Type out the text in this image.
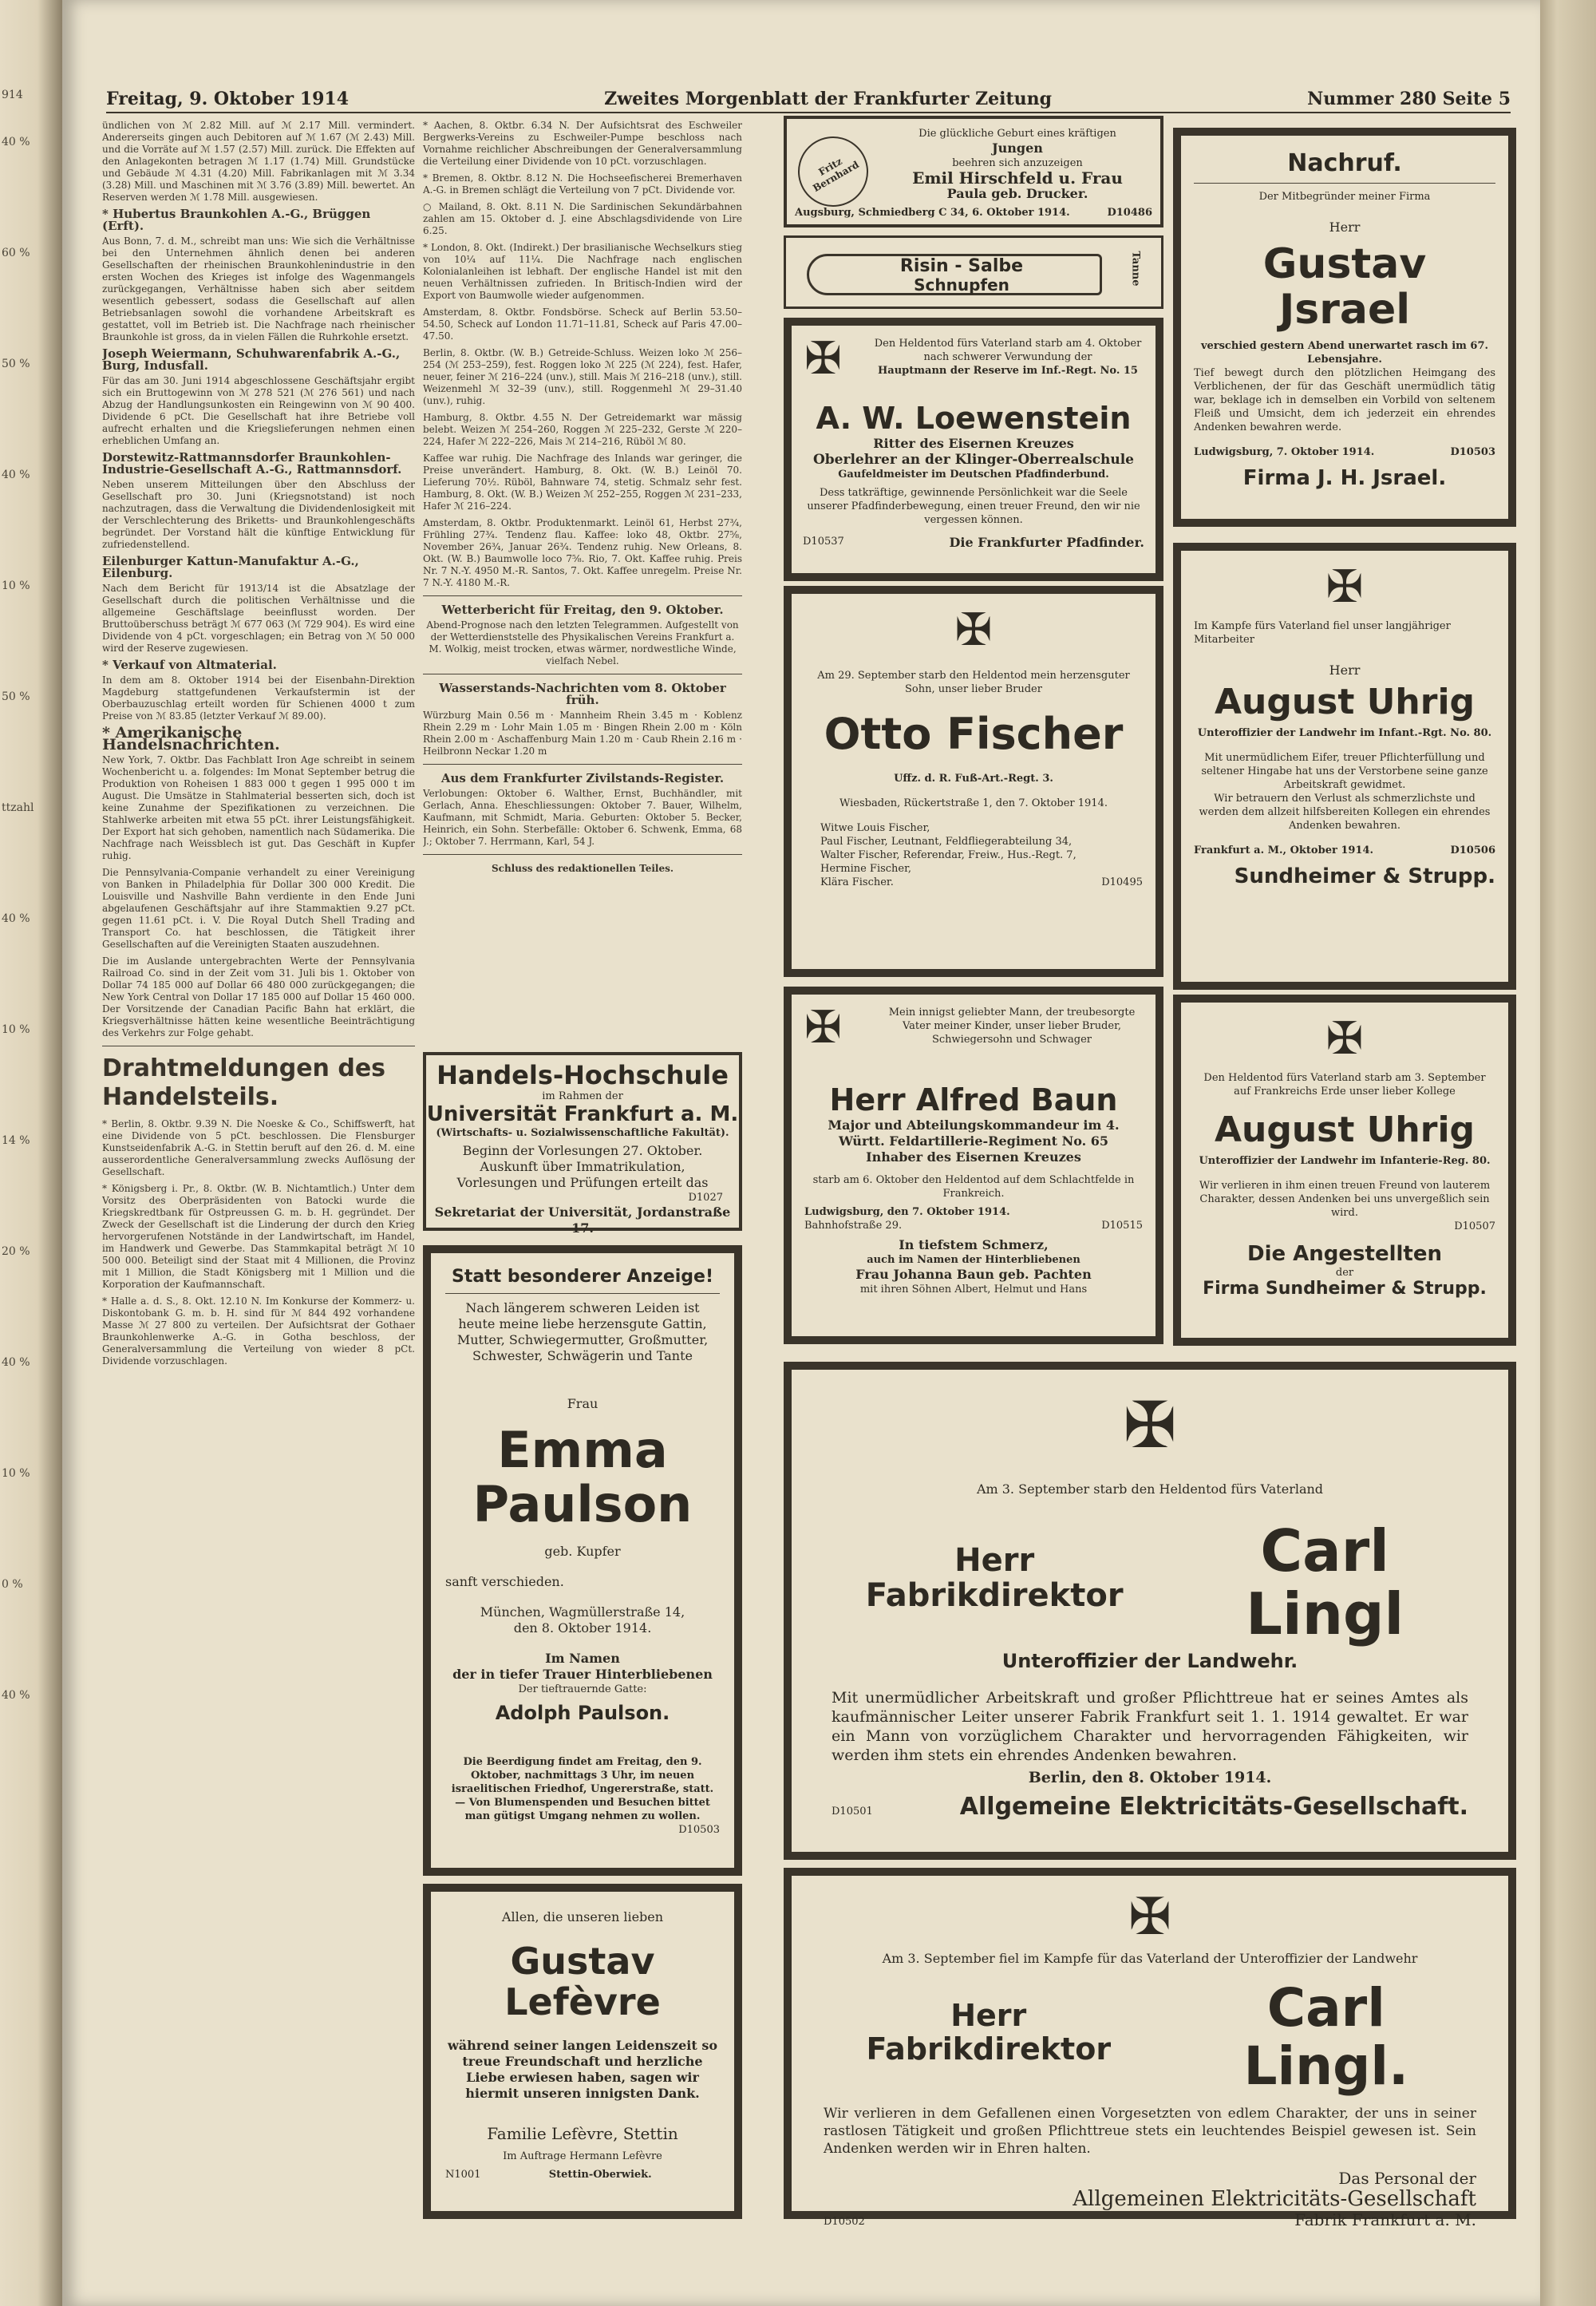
914
40 %
60 %
50 %
40 %
10 %
50 %
ttzahl
40 %
10 %
14 %
20 %
40 %
10 %
0 %
40 %
Freitag, 9. Oktober 1914	Zweites Morgenblatt der Frankfurter Zeitung	Nummer 280 Seite 5

ündlichen von ℳ 2.82 Mill. auf ℳ 2.17 Mill. vermindert. Andererseits gingen auch Debitoren auf ℳ 1.67 (ℳ 2.43) Mill. und die Vorräte auf ℳ 1.57 (2.57) Mill. zurück. Die Effekten auf den Anlagekonten betragen ℳ 1.17 (1.74) Mill. Grundstücke und Gebäude ℳ 4.31 (4.20) Mill. Fabrikanlagen mit ℳ 3.34 (3.28) Mill. und Maschinen mit ℳ 3.76 (3.89) Mill. bewertet. An Reserven werden ℳ 1.78 Mill. ausgewiesen.

* Hubertus Braunkohlen A.-G., Brüggen (Erft).

Aus Bonn, 7. d. M., schreibt man uns: Wie sich die Verhältnisse bei den Unternehmen ähnlich denen bei anderen Gesellschaften der rheinischen Braunkohlenindustrie in den ersten Wochen des Krieges ist infolge des Wagenmangels zurückgegangen, Verhältnisse haben sich aber seitdem wesentlich gebessert, sodass die Gesellschaft auf allen Betriebsanlagen sowohl die vorhandene Arbeitskraft es gestattet, voll im Betrieb ist. Die Nachfrage nach rheinischer Braunkohle ist gross, da in vielen Fällen die Ruhrkohle ersetzt.

Joseph Weiermann, Schuhwarenfabrik A.-G., Burg, Indusfall.

Für das am 30. Juni 1914 abgeschlossene Geschäftsjahr ergibt sich ein Bruttogewinn von ℳ 278 521 (ℳ 276 561) und nach Abzug der Handlungsunkosten ein Reingewinn von ℳ 90 400. Dividende 6 pCt. Die Gesellschaft hat ihre Betriebe voll aufrecht erhalten und die Kriegslieferungen nehmen einen erheblichen Umfang an.

Dorstewitz-Rattmannsdorfer Braunkohlen-Industrie-Gesellschaft A.-G., Rattmannsdorf.

Neben unserem Mitteilungen über den Abschluss der Gesellschaft pro 30. Juni (Kriegsnotstand) ist noch nachzutragen, dass die Verwaltung die Dividendenlosigkeit mit der Verschlechterung des Briketts- und Braunkohlengeschäfts begründet. Der Vorstand hält die künftige Entwicklung für zufriedenstellend.

Eilenburger Kattun-Manufaktur A.-G., Eilenburg.

Nach dem Bericht für 1913/14 ist die Absatzlage der Gesellschaft durch die politischen Verhältnisse und die allgemeine Geschäftslage beeinflusst worden. Der Bruttoüberschuss beträgt ℳ 677 063 (ℳ 729 904). Es wird eine Dividende von 4 pCt. vorgeschlagen; ein Betrag von ℳ 50 000 wird der Reserve zugewiesen.

* Verkauf von Altmaterial.

In dem am 8. Oktober 1914 bei der Eisenbahn-Direktion Magdeburg stattgefundenen Verkaufstermin ist der Oberbauzuschlag erteilt worden für Schienen 4000 t zum Preise von ℳ 83.85 (letzter Verkauf ℳ 89.00).

* Amerikanische Handelsnachrichten.

New York, 7. Oktbr. Das Fachblatt Iron Age schreibt in seinem Wochenbericht u. a. folgendes: Im Monat September betrug die Produktion von Roheisen 1 883 000 t gegen 1 995 000 t im August. Die Umsätze in Stahlmaterial besserten sich, doch ist keine Zunahme der Spezifikationen zu verzeichnen. Die Stahlwerke arbeiten mit etwa 55 pCt. ihrer Leistungsfähigkeit. Der Export hat sich gehoben, namentlich nach Südamerika. Die Nachfrage nach Weissblech ist gut. Das Geschäft in Kupfer ruhig.

Die Pennsylvania-Companie verhandelt zu einer Vereinigung von Banken in Philadelphia für Dollar 300 000 Kredit. Die Louisville und Nashville Bahn verdiente in den Ende Juni abgelaufenen Geschäftsjahr auf ihre Stammaktien 9.27 pCt. gegen 11.61 pCt. i. V. Die Royal Dutch Shell Trading and Transport Co. hat beschlossen, die Tätigkeit ihrer Gesellschaften auf die Vereinigten Staaten auszudehnen.

Die im Auslande untergebrachten Werte der Pennsylvania Railroad Co. sind in der Zeit vom 31. Juli bis 1. Oktober von Dollar 74 185 000 auf Dollar 66 480 000 zurückgegangen; die New York Central von Dollar 17 185 000 auf Dollar 15 460 000. Der Vorsitzende der Canadian Pacific Bahn hat erklärt, die Kriegsverhältnisse hätten keine wesentliche Beeinträchtigung des Verkehrs zur Folge gehabt.

Drahtmeldungen des Handelsteils.

* Berlin, 8. Oktbr. 9.39 N. Die Noeske & Co., Schiffswerft, hat eine Dividende von 5 pCt. beschlossen. Die Flensburger Kunstseidenfabrik A.-G. in Stettin beruft auf den 26. d. M. eine ausserordentliche Generalversammlung zwecks Auflösung der Gesellschaft.

* Königsberg i. Pr., 8. Oktbr. (W. B. Nichtamtlich.) Unter dem Vorsitz des Oberpräsidenten von Batocki wurde die Kriegskredtbank für Ostpreussen G. m. b. H. gegründet. Der Zweck der Gesellschaft ist die Linderung der durch den Krieg hervorgerufenen Notstände in der Landwirtschaft, im Handel, im Handwerk und Gewerbe. Das Stammkapital beträgt ℳ 10 500 000. Beteiligt sind der Staat mit 4 Millionen, die Provinz mit 1 Million, die Stadt Königsberg mit 1 Million und die Korporation der Kaufmannschaft.

* Halle a. d. S., 8. Okt. 12.10 N. Im Konkurse der Kommerz- u. Diskontobank G. m. b. H. sind für ℳ 844 492 vorhandene Masse ℳ 27 800 zu verteilen. Der Aufsichtsrat der Gothaer Braunkohlenwerke A.-G. in Gotha beschloss, der Generalversammlung die Verteilung von wieder 8 pCt. Dividende vorzuschlagen.

* Aachen, 8. Oktbr. 6.34 N. Der Aufsichtsrat des Eschweiler Bergwerks-Vereins zu Eschweiler-Pumpe beschloss nach Vornahme reichlicher Abschreibungen der Generalversammlung die Verteilung einer Dividende von 10 pCt. vorzuschlagen.

* Bremen, 8. Oktbr. 8.12 N. Die Hochseefischerei Bremerhaven A.-G. in Bremen schlägt die Verteilung von 7 pCt. Dividende vor.

○ Mailand, 8. Okt. 8.11 N. Die Sardinischen Sekundärbahnen zahlen am 15. Oktober d. J. eine Abschlagsdividende von Lire 6.25.

* London, 8. Okt. (Indirekt.) Der brasilianische Wechselkurs stieg von 10¼ auf 11¼. Die Nachfrage nach englischen Kolonialanleihen ist lebhaft. Der englische Handel ist mit den neuen Verhältnissen zufrieden. In Britisch-Indien wird der Export von Baumwolle wieder aufgenommen.

Amsterdam, 8. Oktbr. Fondsbörse. Scheck auf Berlin 53.50–54.50, Scheck auf London 11.71–11.81, Scheck auf Paris 47.00–47.50.

Berlin, 8. Oktbr. (W. B.) Getreide-Schluss. Weizen loko ℳ 256–254 (ℳ 253–259), fest. Roggen loko ℳ 225 (ℳ 224), fest. Hafer, neuer, feiner ℳ 216–224 (unv.), still. Mais ℳ 216–218 (unv.), still. Weizenmehl ℳ 32–39 (unv.), still. Roggenmehl ℳ 29–31.40 (unv.), ruhig.

Hamburg, 8. Oktbr. 4.55 N. Der Getreidemarkt war mässig belebt. Weizen ℳ 254–260, Roggen ℳ 225–232, Gerste ℳ 220–224, Hafer ℳ 222–226, Mais ℳ 214–216, Rüböl ℳ 80.

Kaffee war ruhig. Die Nachfrage des Inlands war geringer, die Preise unverändert. Hamburg, 8. Okt. (W. B.) Leinöl 70. Lieferung 70½. Rüböl, Bahnware 74, stetig. Schmalz sehr fest. Hamburg, 8. Okt. (W. B.) Weizen ℳ 252–255, Roggen ℳ 231–233, Hafer ℳ 216–224.

Amsterdam, 8. Oktbr. Produktenmarkt. Leinöl 61, Herbst 27¾, Frühling 27¾. Tendenz flau. Kaffee: loko 48, Oktbr. 27⅝, November 26¾, Januar 26¾. Tendenz ruhig. New Orleans, 8. Okt. (W. B.) Baumwolle loco 7⅝. Rio, 7. Okt. Kaffee ruhig. Preis Nr. 7 N.-Y. 4950 M.-R. Santos, 7. Okt. Kaffee unregelm. Preise Nr. 7 N.-Y. 4180 M.-R.

Wetterbericht für Freitag, den 9. Oktober.

Abend-Prognose nach den letzten Telegrammen. Aufgestellt von der Wetterdienststelle des Physikalischen Vereins Frankfurt a. M. Wolkig, meist trocken, etwas wärmer, nordwestliche Winde, vielfach Nebel.

Wasserstands-Nachrichten vom 8. Oktober früh.

Würzburg Main 0.56 m · Mannheim Rhein 3.45 m · Koblenz Rhein 2.29 m · Lohr Main 1.05 m · Bingen Rhein 2.00 m · Köln Rhein 2.00 m · Aschaffenburg Main 1.20 m · Caub Rhein 2.16 m · Heilbronn Neckar 1.20 m

Aus dem Frankfurter Zivilstands-Register.

Verlobungen: Oktober 6. Walther, Ernst, Buchhändler, mit Gerlach, Anna. Eheschliessungen: Oktober 7. Bauer, Wilhelm, Kaufmann, mit Schmidt, Maria. Geburten: Oktober 5. Becker, Heinrich, ein Sohn. Sterbefälle: Oktober 6. Schwenk, Emma, 68 J.; Oktober 7. Herrmann, Karl, 54 J.

Schluss des redaktionellen Teiles.
Handels-Hochschule
im Rahmen der
Universität Frankfurt a. M.
(Wirtschafts- u. Sozialwissenschaftliche Fakultät).
Beginn der Vorlesungen 27. Oktober. Auskunft über Immatrikulation, Vorlesungen und Prüfungen erteilt das
D1027
Sekretariat der Universität, Jordanstraße 17.
Statt besonderer Anzeige!
Nach längerem schweren Leiden ist heute meine liebe herzensgute Gattin, Mutter, Schwiegermutter, Großmutter, Schwester, Schwägerin und Tante
Frau
Emma Paulson
geb. Kupfer
sanft verschieden.
München, Wagmüllerstraße 14,
den 8. Oktober 1914.
Im Namen
der in tiefer Trauer Hinterbliebenen
Der tieftrauernde Gatte:
Adolph Paulson.
Die Beerdigung findet am Freitag, den 9. Oktober, nachmittags 3 Uhr, im neuen israelitischen Friedhof, Ungererstraße, statt. — Von Blumenspenden und Besuchen bittet man gütigst Umgang nehmen zu wollen.
D10503
Allen, die unseren lieben
Gustav Lefèvre
während seiner langen Leidenszeit so treue Freundschaft und herzliche Liebe erwiesen haben, sagen wir hiermit unseren innigsten Dank.
Familie Lefèvre, Stettin
Im Auftrage Hermann Lefèvre
N1001	Stettin-Oberwiek.
Fritz Bernhard
Die glückliche Geburt eines kräftigen
Jungen
beehren sich anzuzeigen
Emil Hirschfeld u. Frau
Paula geb. Drucker.
Augsburg, Schmiedberg C 34, 6. Oktober 1914.	D10486
Risin - Salbe
Schnupfen	Tanne
✠	Den Heldentod fürs Vaterland starb am 4. Oktober nach schwerer Verwundung der
Hauptmann der Reserve im Inf.-Regt. No. 15
A. W. Loewenstein
Ritter des Eisernen Kreuzes
Oberlehrer an der Klinger-Oberrealschule
Gaufeldmeister im Deutschen Pfadfinderbund.
Dess tatkräftige, gewinnende Persönlichkeit war die Seele unserer Pfadfinderbewegung, einen treuer Freund, den wir nie vergessen können.
D10537	Die Frankfurter Pfadfinder.
✠
Am 29. September starb den Heldentod mein herzensguter Sohn, unser lieber Bruder
Otto Fischer
Uffz. d. R. Fuß-Art.-Regt. 3.
Wiesbaden, Rückertstraße 1, den 7. Oktober 1914.
Witwe Louis Fischer,
Paul Fischer, Leutnant, Feldfliegerabteilung 34,
Walter Fischer, Referendar, Freiw., Hus.-Regt. 7,
Hermine Fischer,
Klära Fischer.	D10495
✠	Mein innigst geliebter Mann, der treubesorgte Vater meiner Kinder, unser lieber Bruder, Schwiegersohn und Schwager
Herr Alfred Baun
Major und Abteilungskommandeur im 4. Württ. Feldartillerie-Regiment No. 65
Inhaber des Eisernen Kreuzes
starb am 6. Oktober den Heldentod auf dem Schlachtfelde in Frankreich.
Ludwigsburg, den 7. Oktober 1914.
Bahnhofstraße 29.	D10515
In tiefstem Schmerz,
auch im Namen der Hinterbliebenen
Frau Johanna Baun geb. Pachten
mit ihren Söhnen Albert, Helmut und Hans
Nachruf.
Der Mitbegründer meiner Firma
Herr
Gustav Jsrael
verschied gestern Abend unerwartet rasch im 67. Lebensjahre.
Tief bewegt durch den plötzlichen Heimgang des Verblichenen, der für das Geschäft unermüdlich tätig war, beklage ich in demselben ein Vorbild von seltenem Fleiß und Umsicht, dem ich jederzeit ein ehrendes Andenken bewahren werde.
Ludwigsburg, 7. Oktober 1914.	D10503
Firma J. H. Jsrael.
✠
Im Kampfe fürs Vaterland fiel unser langjähriger Mitarbeiter
Herr
August Uhrig
Unteroffizier der Landwehr im Infant.-Rgt. No. 80.
Mit unermüdlichem Eifer, treuer Pflichterfüllung und seltener Hingabe hat uns der Verstorbene seine ganze Arbeitskraft gewidmet.
Wir betrauern den Verlust als schmerzlichste und werden dem allzeit hilfsbereiten Kollegen ein ehrendes Andenken bewahren.
Frankfurt a. M., Oktober 1914.	D10506
Sundheimer & Strupp.
✠
Den Heldentod fürs Vaterland starb am 3. September auf Frankreichs Erde unser lieber Kollege
August Uhrig
Unteroffizier der Landwehr im Infanterie-Reg. 80.
Wir verlieren in ihm einen treuen Freund von lauterem Charakter, dessen Andenken bei uns unvergeßlich sein wird.
D10507
Die Angestellten
der
Firma Sundheimer & Strupp.
✠
Am 3. September starb den Heldentod fürs Vaterland
Herr Fabrikdirektor
Carl Lingl
Unteroffizier der Landwehr.
Mit unermüdlicher Arbeitskraft und großer Pflichttreue hat er seines Amtes als kaufmännischer Leiter unserer Fabrik Frankfurt seit 1. 1. 1914 gewaltet. Er war ein Mann von vorzüglichem Charakter und hervorragenden Fähigkeiten, wir werden ihm stets ein ehrendes Andenken bewahren.
Berlin, den 8. Oktober 1914.
D10501	Allgemeine Elektricitäts-Gesellschaft.
✠
Am 3. September fiel im Kampfe für das Vaterland der Unteroffizier der Landwehr
Herr Fabrikdirektor
Carl Lingl.
Wir verlieren in dem Gefallenen einen Vorgesetzten von edlem Charakter, der uns in seiner rastlosen Tätigkeit und großen Pflichttreue stets ein leuchtendes Beispiel gewesen ist. Sein Andenken werden wir in Ehren halten.
Das Personal der
Allgemeinen Elektricitäts-Gesellschaft
Fabrik Frankfurt a. M.
D10502
